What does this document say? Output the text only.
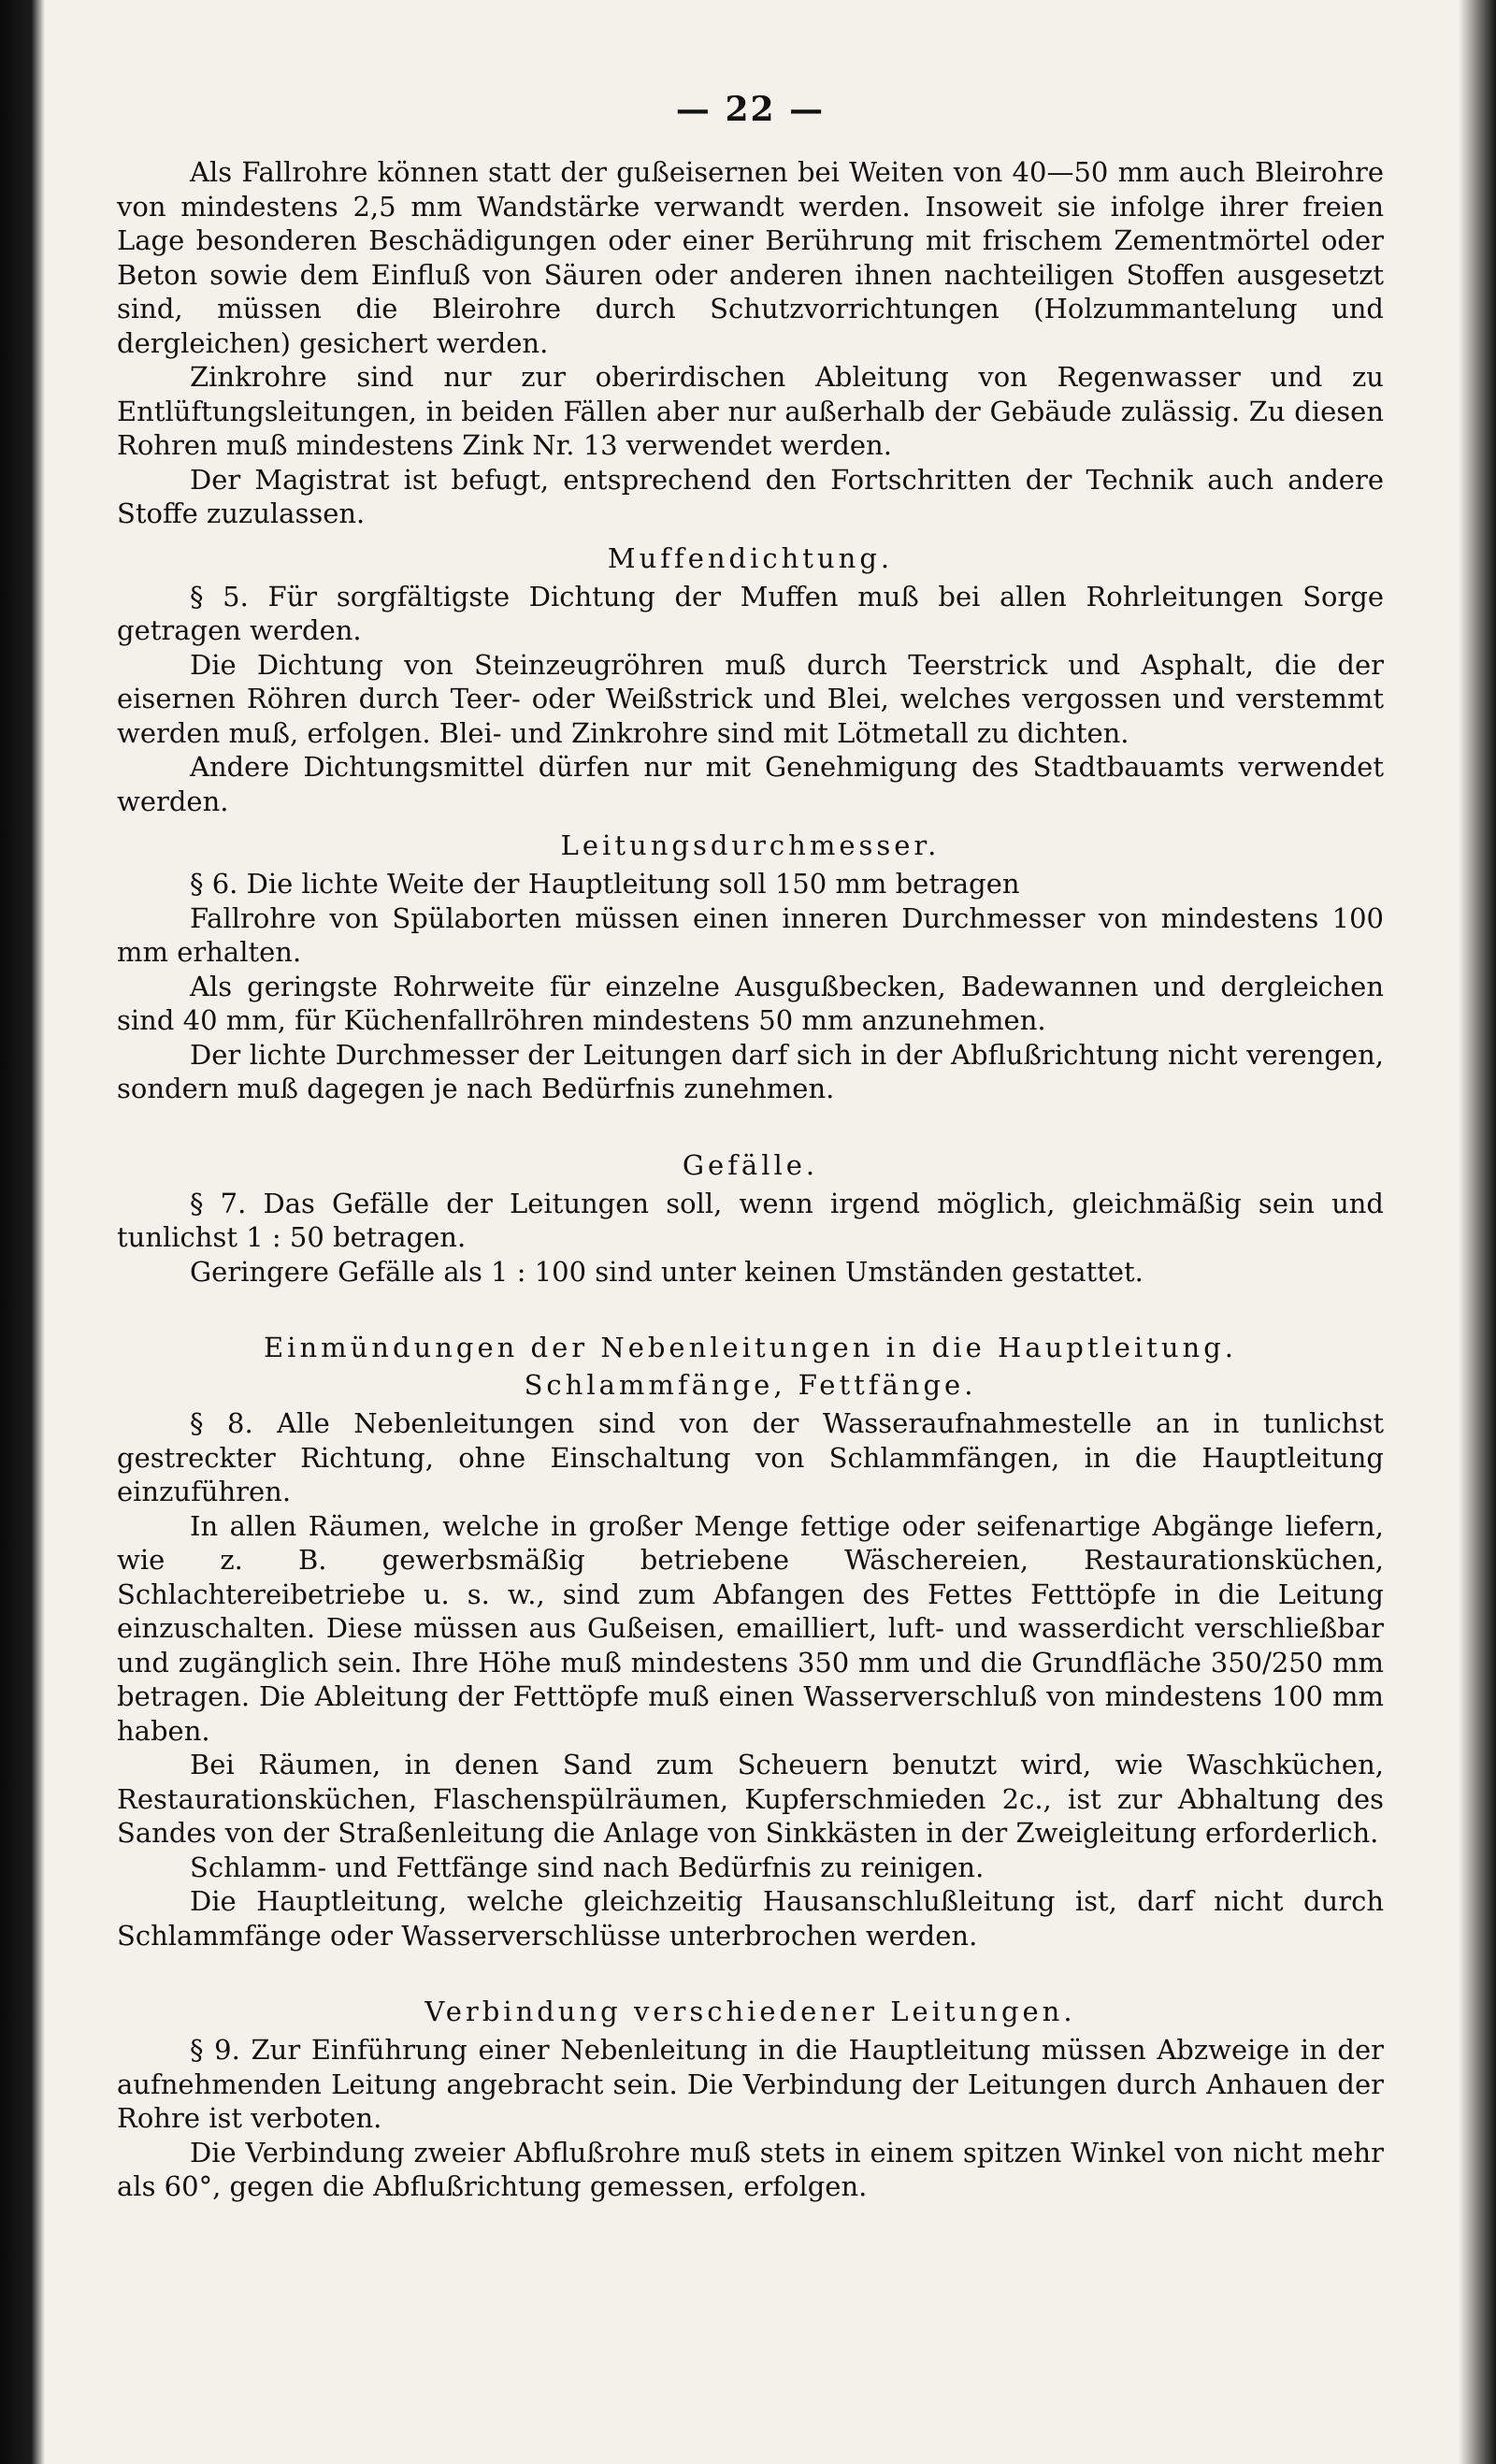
— 22 —

Als Fallrohre können statt der gußeisernen bei Weiten von 40—50 mm auch Bleirohre von mindestens 2,5 mm Wandstärke verwandt werden. Insoweit sie infolge ihrer freien Lage besonderen Beschädigungen oder einer Berührung mit frischem Zementmörtel oder Beton sowie dem Einfluß von Säuren oder anderen ihnen nachteiligen Stoffen ausgesetzt sind, müssen die Bleirohre durch Schutzvorrichtungen (Holzummantelung und dergleichen) gesichert werden.

Zinkrohre sind nur zur oberirdischen Ableitung von Regenwasser und zu Entlüftungsleitungen, in beiden Fällen aber nur außerhalb der Gebäude zulässig. Zu diesen Rohren muß mindestens Zink Nr. 13 verwendet werden.

Der Magistrat ist befugt, entsprechend den Fortschritten der Technik auch andere Stoffe zuzulassen.

Muffendichtung.

§ 5. Für sorgfältigste Dichtung der Muffen muß bei allen Rohrleitungen Sorge getragen werden.

Die Dichtung von Steinzeugröhren muß durch Teerstrick und Asphalt, die der eisernen Röhren durch Teer- oder Weißstrick und Blei, welches vergossen und verstemmt werden muß, erfolgen. Blei- und Zinkrohre sind mit Lötmetall zu dichten.

Andere Dichtungsmittel dürfen nur mit Genehmigung des Stadtbauamts verwendet werden.

Leitungsdurchmesser.

§ 6. Die lichte Weite der Hauptleitung soll 150 mm betragen

Fallrohre von Spülaborten müssen einen inneren Durchmesser von mindestens 100 mm erhalten.

Als geringste Rohrweite für einzelne Ausgußbecken, Badewannen und dergleichen sind 40 mm, für Küchenfallröhren mindestens 50 mm anzunehmen.

Der lichte Durchmesser der Leitungen darf sich in der Abflußrichtung nicht verengen, sondern muß dagegen je nach Bedürfnis zunehmen.

Gefälle.

§ 7. Das Gefälle der Leitungen soll, wenn irgend möglich, gleichmäßig sein und tunlichst 1 : 50 betragen.

Geringere Gefälle als 1 : 100 sind unter keinen Umständen gestattet.

Einmündungen der Nebenleitungen in die Hauptleitung.
Schlammfänge, Fettfänge.

§ 8. Alle Nebenleitungen sind von der Wasseraufnahmestelle an in tunlichst gestreckter Richtung, ohne Einschaltung von Schlammfängen, in die Hauptleitung einzuführen.

In allen Räumen, welche in großer Menge fettige oder seifenartige Abgänge liefern, wie z. B. gewerbsmäßig betriebene Wäschereien, Restaurationsküchen, Schlachtereibetriebe u. s. w., sind zum Abfangen des Fettes Fetttöpfe in die Leitung einzuschalten. Diese müssen aus Gußeisen, emailliert, luft- und wasserdicht verschließbar und zugänglich sein. Ihre Höhe muß mindestens 350 mm und die Grundfläche 350/250 mm betragen. Die Ableitung der Fetttöpfe muß einen Wasserverschluß von mindestens 100 mm haben.

Bei Räumen, in denen Sand zum Scheuern benutzt wird, wie Waschküchen, Restaurationsküchen, Flaschenspülräumen, Kupferschmieden 2c., ist zur Abhaltung des Sandes von der Straßenleitung die Anlage von Sinkkästen in der Zweigleitung erforderlich.

Schlamm- und Fettfänge sind nach Bedürfnis zu reinigen.

Die Hauptleitung, welche gleichzeitig Hausanschlußleitung ist, darf nicht durch Schlammfänge oder Wasserverschlüsse unterbrochen werden.

Verbindung verschiedener Leitungen.

§ 9. Zur Einführung einer Nebenleitung in die Hauptleitung müssen Abzweige in der aufnehmenden Leitung angebracht sein. Die Verbindung der Leitungen durch Anhauen der Rohre ist verboten.

Die Verbindung zweier Abflußrohre muß stets in einem spitzen Winkel von nicht mehr als 60°, gegen die Abflußrichtung gemessen, erfolgen.
